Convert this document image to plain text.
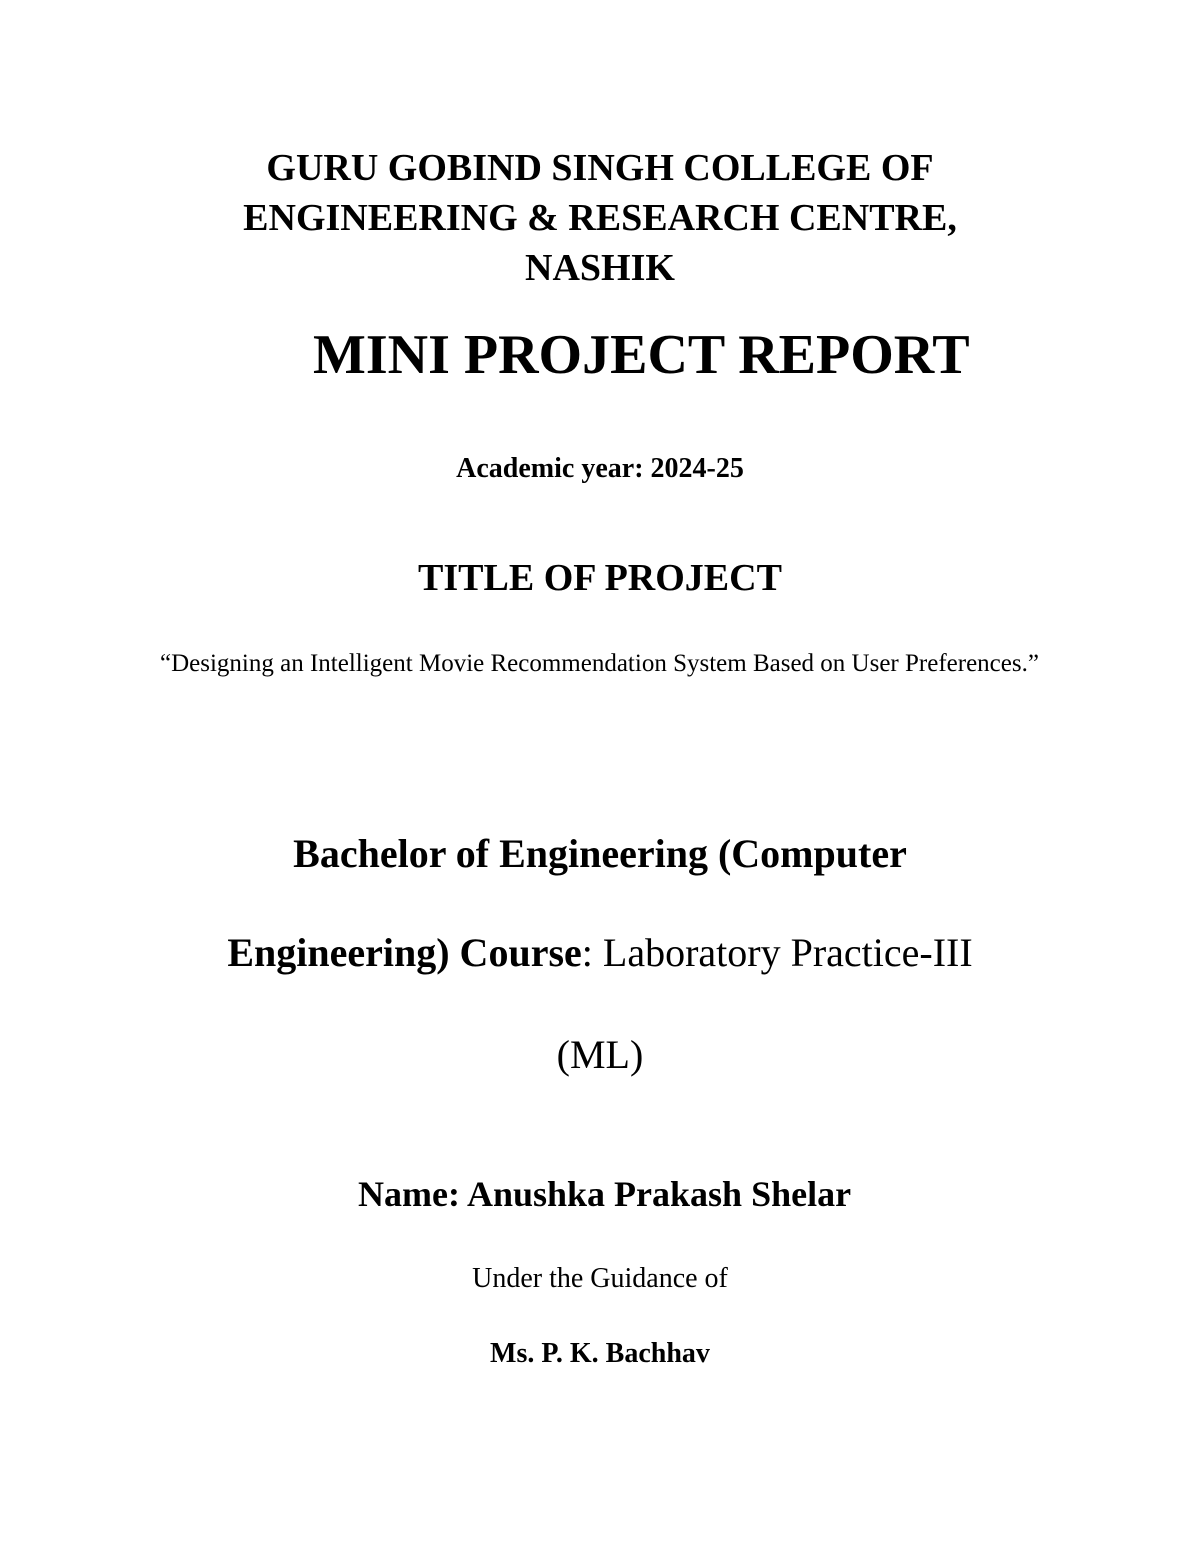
GURU GOBIND SINGH COLLEGE OF
ENGINEERING & RESEARCH CENTRE,
NASHIK
MINI PROJECT REPORT

Academic year: 2024-25

TITLE OF PROJECT

“Designing an Intelligent Movie Recommendation System Based on User Preferences.”

Bachelor of Engineering (Computer

Engineering) Course: Laboratory Practice-III

(ML)

Name: Anushka Prakash Shelar

Under the Guidance of

Ms. P. K. Bachhav
